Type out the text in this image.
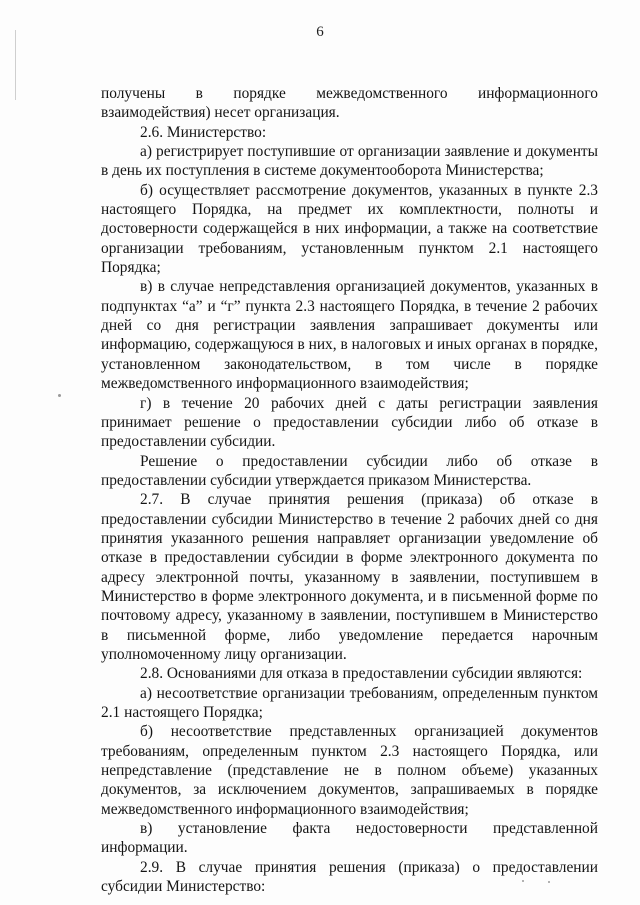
6

получены в порядке межведомственного информационного взаимодействия) несет организация.

2.6. Министерство:

а) регистрирует поступившие от организации заявление и документы в день их поступления в системе документооборота Министерства;

б) осуществляет рассмотрение документов, указанных в пункте 2.3 настоящего Порядка, на предмет их комплектности, полноты и достоверности содержащейся в них информации, а также на соответствие организации требованиям, установленным пунктом 2.1 настоящего Порядка;

в) в случае непредставления организацией документов, указанных в подпунктах “а” и “г” пункта 2.3 настоящего Порядка, в течение 2 рабочих дней со дня регистрации заявления запрашивает документы или информацию, содержащуюся в них, в налоговых и иных органах в порядке, установленном законодательством, в том числе в порядке межведомственного информационного взаимодействия;

г) в течение 20 рабочих дней с даты регистрации заявления принимает решение о предоставлении субсидии либо об отказе в предоставлении субсидии.

Решение о предоставлении субсидии либо об отказе в предоставлении субсидии утверждается приказом Министерства.

2.7. В случае принятия решения (приказа) об отказе в предоставлении субсидии Министерство в течение 2 рабочих дней со дня принятия указанного решения направляет организации уведомление об отказе в предоставлении субсидии в форме электронного документа по адресу электронной почты, указанному в заявлении, поступившем в Министерство в форме электронного документа, и в письменной форме по почтовому адресу, указанному в заявлении, поступившем в Министерство в письменной форме, либо уведомление передается нарочным уполномоченному лицу организации.

2.8. Основаниями для отказа в предоставлении субсидии являются:

а) несоответствие организации требованиям, определенным пунктом 2.1 настоящего Порядка;

б) несоответствие представленных организацией документов требованиям, определенным пунктом 2.3 настоящего Порядка, или непредставление (представление не в полном объеме) указанных документов, за исключением документов, запрашиваемых в порядке межведомственного информационного взаимодействия;

в) установление факта недостоверности представленной информации.

2.9. В случае принятия решения (приказа) о предоставлении субсидии Министерство:
